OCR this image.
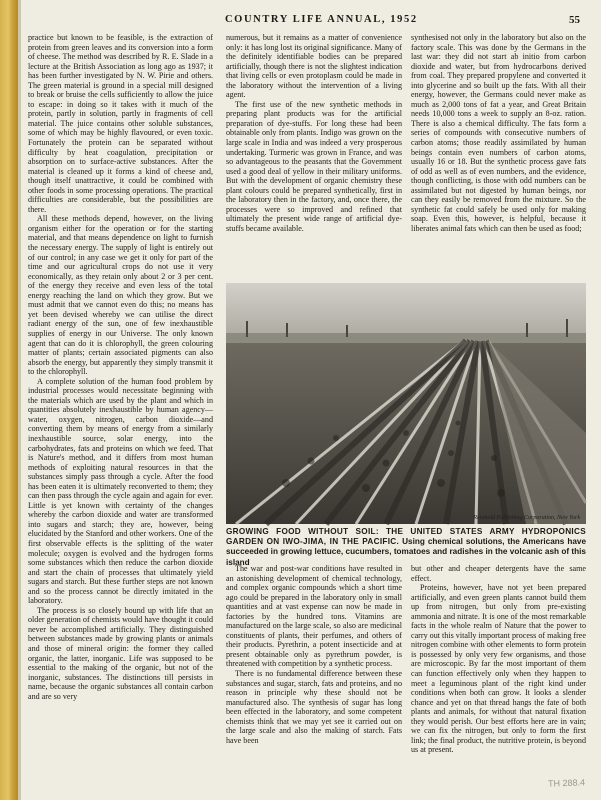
COUNTRY LIFE ANNUAL, 1952	55

practice but known to be feasible, is the extraction of protein from green leaves and its conversion into a form of cheese. The method was described by R. E. Slade in a lecture at the British Association as long ago as 1937; it has been further investigated by N. W. Pirie and others. The green material is ground in a special mill designed to break or bruise the cells sufficiently to allow the juice to escape: in doing so it takes with it much of the protein, partly in solution, partly in fragments of cell material. The juice contains other soluble substances, some of which may be highly flavoured, or even toxic. Fortunately the protein can be separated without difficulty by heat coagulation, precipitation or absorption on to surface-active substances. After the material is cleaned up it forms a kind of cheese and, though itself unattractive, it could be combined with other foods in some processing operations. The practical difficulties are considerable, but the possibilities are there.

All these methods depend, however, on the living organism either for the operation or for the starting material, and that means dependence on light to furnish the necessary energy. The supply of light is entirely out of our control; in any case we get it only for part of the time and our agricultural crops do not use it very economically, as they retain only about 2 or 3 per cent. of the energy they receive and even less of the total energy reaching the land on which they grow. But we must admit that we cannot even do this; no means has yet been devised whereby we can utilise the direct radiant energy of the sun, one of few inexhaustible supplies of energy in our Universe. The only known agent that can do it is chlorophyll, the green colouring matter of plants; certain associated pigments can also absorb the energy, but apparently they simply transmit it to the chlorophyll.

A complete solution of the human food problem by industrial processes would necessitate beginning with the materials which are used by the plant and which in quantities absolutely inexhaustible by human agency—water, oxygen, nitrogen, carbon dioxide—and converting them by means of energy from a similarly inexhaustible source, solar energy, into the carbohydrates, fats and proteins on which we feed. That is Nature's method, and it differs from most human methods of exploiting natural resources in that the substances simply pass through a cycle. After the food has been eaten it is ultimately reconverted to them; they can then pass through the cycle again and again for ever. Little is yet known with certainty of the changes whereby the carbon dioxide and water are transformed into sugars and starch; they are, however, being elucidated by the Stanford and other workers. One of the first observable effects is the splitting of the water molecule; oxygen is evolved and the hydrogen forms some substances which then reduce the carbon dioxide and start the chain of processes that ultimately yield sugars and starch. But these further steps are not known and so the process cannot be directly imitated in the laboratory.

The process is so closely bound up with life that an older generation of chemists would have thought it could never be accomplished artificially. They distinguished between substances made by growing plants or animals and those of mineral origin: the former they called organic, the latter, inorganic. Life was supposed to be essential to the making of the organic, but not of the inorganic, substances. The distinctions till persists in name, because the organic substances all contain carbon and are so very

numerous, but it remains as a matter of convenience only: it has long lost its original significance. Many of the definitely identifiable bodies can be prepared artificially, though there is not the slightest indication that living cells or even protoplasm could be made in the laboratory without the intervention of a living agent.

The first use of the new synthetic methods in preparing plant products was for the artificial preparation of dye-stuffs. For long these had been obtainable only from plants. Indigo was grown on the large scale in India and was indeed a very prosperous undertaking. Turmeric was grown in France, and was so advantageous to the peasants that the Government used a good deal of yellow in their military uniforms. But with the development of organic chemistry these plant colours could be prepared synthetically, first in the laboratory then in the factory, and, once there, the processes were so improved and refined that ultimately the present wide range of artificial dye-stuffs became available.

synthesised not only in the laboratory but also on the factory scale. This was done by the Germans in the last war: they did not start ab initio from carbon dioxide and water, but from hydrocarbons derived from coal. They prepared propylene and converted it into glycerine and so built up the fats. With all their energy, however, the Germans could never make as much as 2,000 tons of fat a year, and Great Britain needs 10,000 tons a week to supply an 8-oz. ration. There is also a chemical difficulty. The fats form a series of compounds with consecutive numbers of carbon atoms; those readily assimilated by human beings contain even numbers of carbon atoms, usually 16 or 18. But the synthetic process gave fats of odd as well as of even numbers, and the evidence, though conflicting, is those with odd numbers can be assimilated but not digested by human beings, nor can they easily be removed from the mixture. So the synthetic fat could safely be used only for making soap. Even this, however, is helpful, because it liberates animal fats which can then be used as food;

Reinhold Publishing Corporation, New York
GROWING FOOD WITHOUT SOIL: THE UNITED STATES ARMY HYDROPONICS GARDEN ON IWO-JIMA, IN THE PACIFIC. Using chemical solutions, the Americans have succeeded in growing lettuce, cucumbers, tomatoes and radishes in the volcanic ash of this island

The war and post-war conditions have resulted in an astonishing development of chemical technology, and complex organic compounds which a short time ago could be prepared in the laboratory only in small quantities and at vast expense can now be made in factories by the hundred tons. Vitamins are manufactured on the large scale, so also are medicinal constituents of plants, their perfumes, and others of their products. Pyrethrin, a potent insecticide and at present obtainable only as pyrethrum powder, is threatened with competition by a synthetic process.

There is no fundamental difference between these substances and sugar, starch, fats and proteins, and no reason in principle why these should not be manufactured also. The synthesis of sugar has long been effected in the laboratory, and some competent chemists think that we may yet see it carried out on the large scale and also the making of starch. Fats have been

but other and cheaper detergents have the same effect.

Proteins, however, have not yet been prepared artificially, and even green plants cannot build them up from nitrogen, but only from pre-existing ammonia and nitrate. It is one of the most remarkable facts in the whole realm of Nature that the power to carry out this vitally important process of making free nitrogen combine with other elements to form protein is possessed by only very few organisms, and those are microscopic. By far the most important of them can function effectively only when they happen to meet a leguminous plant of the right kind under conditions when both can grow. It looks a slender chance and yet on that thread hangs the fate of both plants and animals, for without that natural fixation they would perish. Our best efforts here are in vain; we can fix the nitrogen, but only to form the first link; the final product, the nutritive protein, is beyond us at present.

TH 288.4
